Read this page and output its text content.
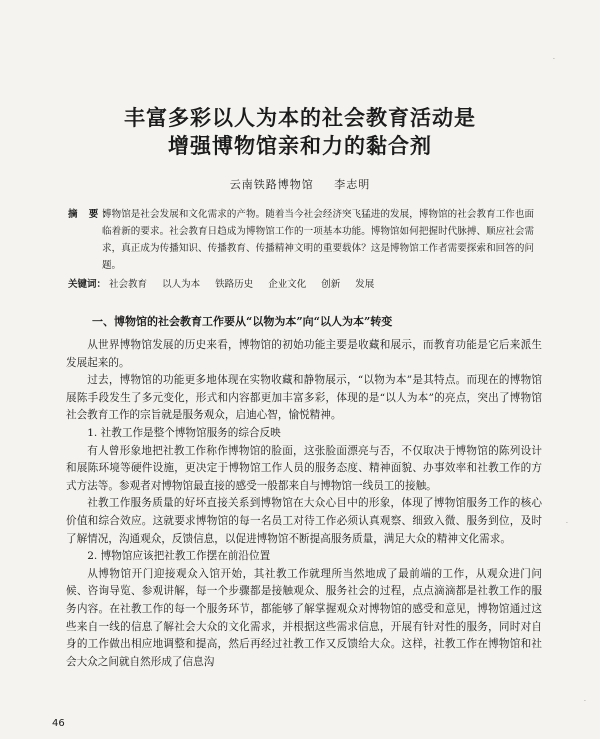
丰富多彩以人为本的社会教育活动是
增强博物馆亲和力的黏合剂
云南铁路博物馆 李志明
摘 要：
博物馆是社会发展和文化需求的产物。随着当今社会经济突飞猛进的发展，博物馆的社会教育工作也面临着新的要求。社会教育日趋成为博物馆工作的一项基本功能。博物馆如何把握时代脉搏、顺应社会需求，真正成为传播知识、传播教育、传播精神文明的重要载体？这是博物馆工作者需要探索和回答的问题。
关键词： 社会教育 以人为本 铁路历史 企业文化 创新 发展
一、博物馆的社会教育工作要从“以物为本”向“以人为本”转变

从世界博物馆发展的历史来看，博物馆的初始功能主要是收藏和展示，而教育功能是它后来派生发展起来的。

过去，博物馆的功能更多地体现在实物收藏和静物展示，“以物为本”是其特点。而现在的博物馆展陈手段发生了多元变化，形式和内容都更加丰富多彩，体现的是“以人为本”的亮点，突出了博物馆社会教育工作的宗旨就是服务观众，启迪心智，愉悦精神。

1. 社教工作是整个博物馆服务的综合反映

有人曾形象地把社教工作称作博物馆的脸面，这张脸面漂亮与否，不仅取决于博物馆的陈列设计和展陈环境等硬件设施，更决定于博物馆工作人员的服务态度、精神面貌、办事效率和社教工作的方式方法等。参观者对博物馆最直接的感受一般都来自与博物馆一线员工的接触。

社教工作服务质量的好坏直接关系到博物馆在大众心目中的形象，体现了博物馆服务工作的核心价值和综合效应。这就要求博物馆的每一名员工对待工作必须认真观察、细致入微、服务到位，及时了解情况，沟通观众，反馈信息，以促进博物馆不断提高服务质量，满足大众的精神文化需求。

2. 博物馆应该把社教工作摆在前沿位置

从博物馆开门迎接观众入馆开始，其社教工作就理所当然地成了最前端的工作，从观众进门问候、咨询导览、参观讲解，每一个步骤都是接触观众、服务社会的过程，点点滴滴都是社教工作的服务内容。在社教工作的每一个服务环节，都能够了解掌握观众对博物馆的感受和意见，博物馆通过这些来自一线的信息了解社会大众的文化需求，并根据这些需求信息，开展有针对性的服务，同时对自身的工作做出相应地调整和提高，然后再经过社教工作又反馈给大众。这样，社教工作在博物馆和社会大众之间就自然形成了信息沟

46
·
·
·
